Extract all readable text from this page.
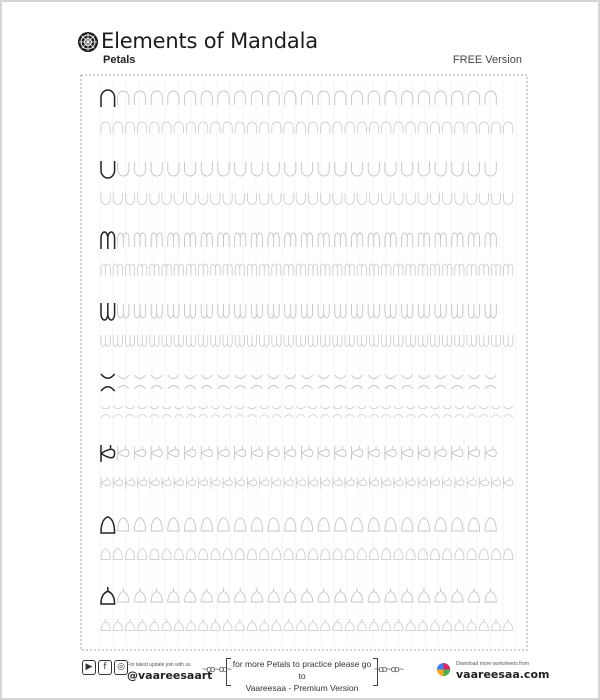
Elements of Mandala
Petals	FREE Version
▶	f	◎ For latest update join with us
@vaareesaart
~ꝏ~ꝏ~ for more Petals to practice please go to
Vaareesaa - Premium Version
~ꝏ~ꝏ~	Download more worksheets from
vaareesaa.com
